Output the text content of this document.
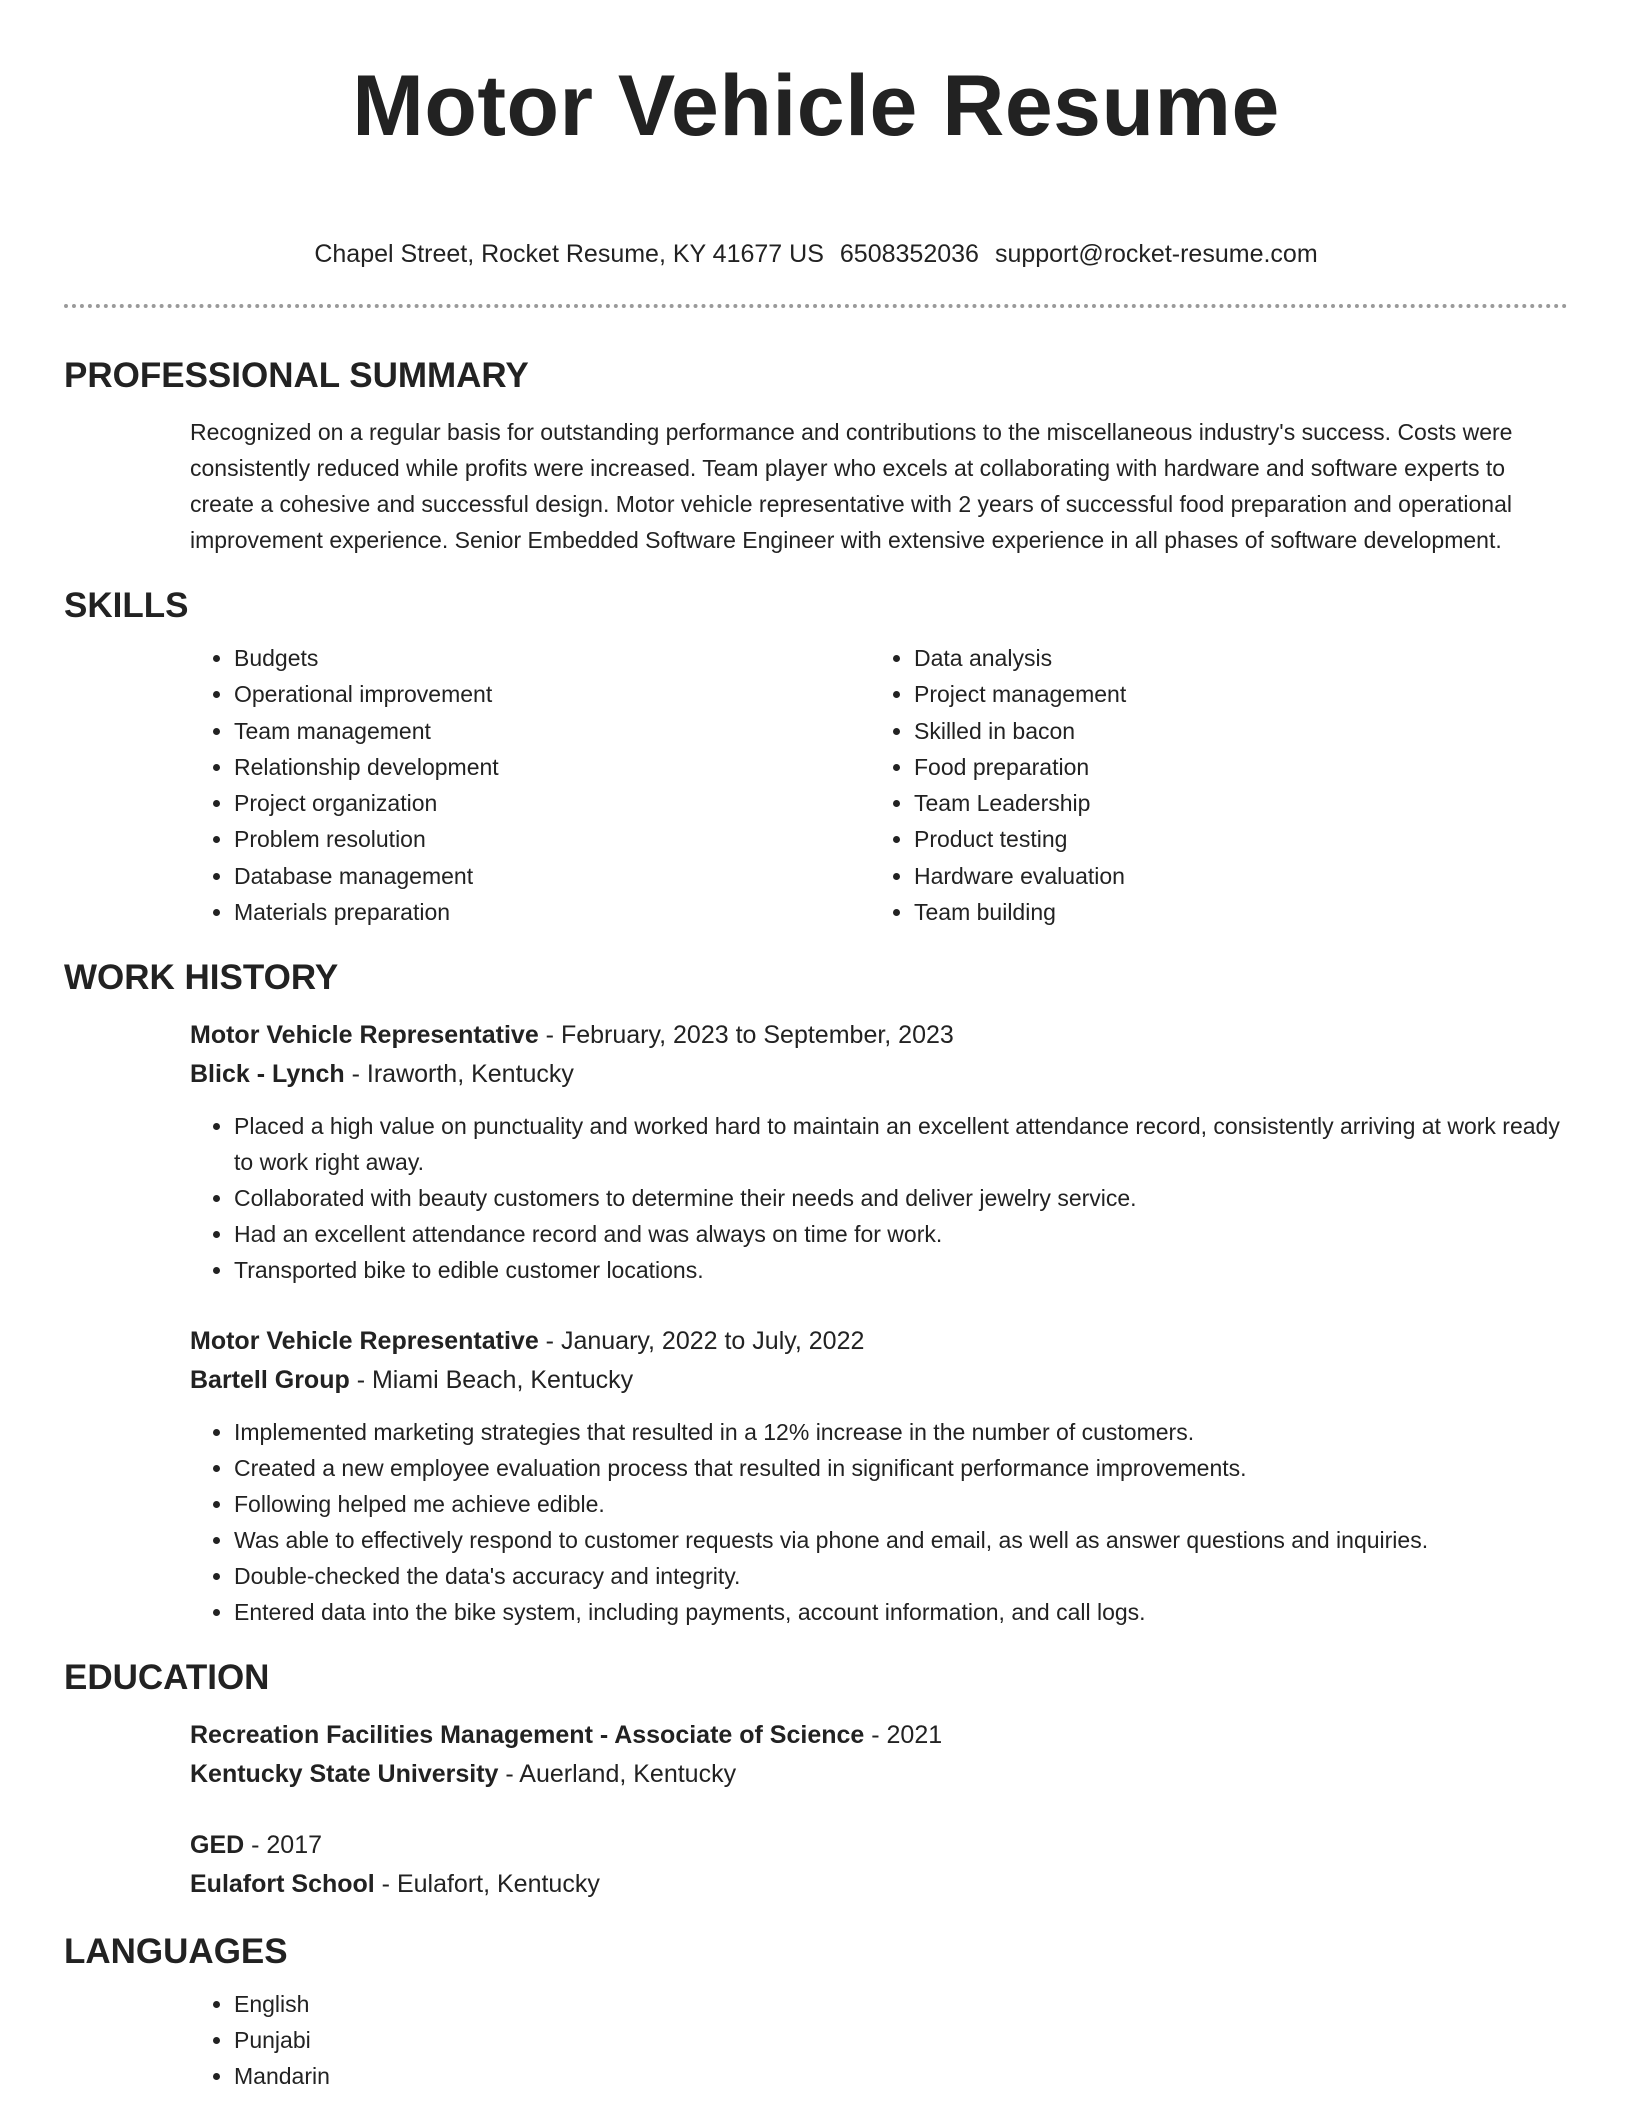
Motor Vehicle Resume
Chapel Street, Rocket Resume, KY 41677 US 6508352036 support@rocket-resume.com
PROFESSIONAL SUMMARY

Recognized on a regular basis for outstanding performance and contributions to the miscellaneous industry's success. Costs were consistently reduced while profits were increased. Team player who excels at collaborating with hardware and software experts to create a cohesive and successful design. Motor vehicle representative with 2 years of successful food preparation and operational improvement experience. Senior Embedded Software Engineer with extensive experience in all phases of software development.

SKILLS
• Budgets
• Operational improvement
• Team management
• Relationship development
• Project organization
• Problem resolution
• Database management
• Materials preparation
• Data analysis
• Project management
• Skilled in bacon
• Food preparation
• Team Leadership
• Product testing
• Hardware evaluation
• Team building
WORK HISTORY
Motor Vehicle Representative - February, 2023 to September, 2023
Blick - Lynch - Iraworth, Kentucky
• Placed a high value on punctuality and worked hard to maintain an excellent attendance record, consistently arriving at work ready to work right away.
• Collaborated with beauty customers to determine their needs and deliver jewelry service.
• Had an excellent attendance record and was always on time for work.
• Transported bike to edible customer locations.
Motor Vehicle Representative - January, 2022 to July, 2022
Bartell Group - Miami Beach, Kentucky
• Implemented marketing strategies that resulted in a 12% increase in the number of customers.
• Created a new employee evaluation process that resulted in significant performance improvements.
• Following helped me achieve edible.
• Was able to effectively respond to customer requests via phone and email, as well as answer questions and inquiries.
• Double-checked the data's accuracy and integrity.
• Entered data into the bike system, including payments, account information, and call logs.
EDUCATION
Recreation Facilities Management - Associate of Science - 2021
Kentucky State University - Auerland, Kentucky
GED - 2017
Eulafort School - Eulafort, Kentucky
LANGUAGES
• English
• Punjabi
• Mandarin
